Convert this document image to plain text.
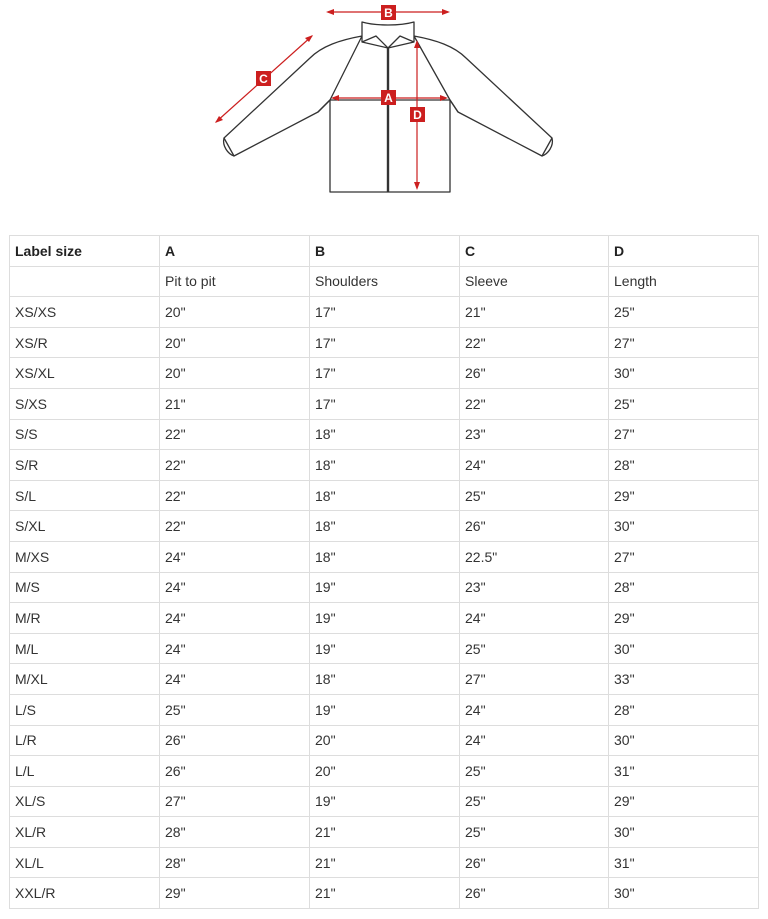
B
C
A
D
Label size	A	B	C	D
	Pit to pit	Shoulders	Sleeve	Length
XS/XS	20"	17"	21"	25"
XS/R	20"	17"	22"	27"
XS/XL	20"	17"	26"	30"
S/XS	21"	17"	22"	25"
S/S	22"	18"	23"	27"
S/R	22"	18"	24"	28"
S/L	22"	18"	25"	29"
S/XL	22"	18"	26"	30"
M/XS	24"	18"	22.5"	27"
M/S	24"	19"	23"	28"
M/R	24"	19"	24"	29"
M/L	24"	19"	25"	30"
M/XL	24"	18"	27"	33"
L/S	25"	19"	24"	28"
L/R	26"	20"	24"	30"
L/L	26"	20"	25"	31"
XL/S	27"	19"	25"	29"
XL/R	28"	21"	25"	30"
XL/L	28"	21"	26"	31"
XXL/R	29"	21"	26"	30"
